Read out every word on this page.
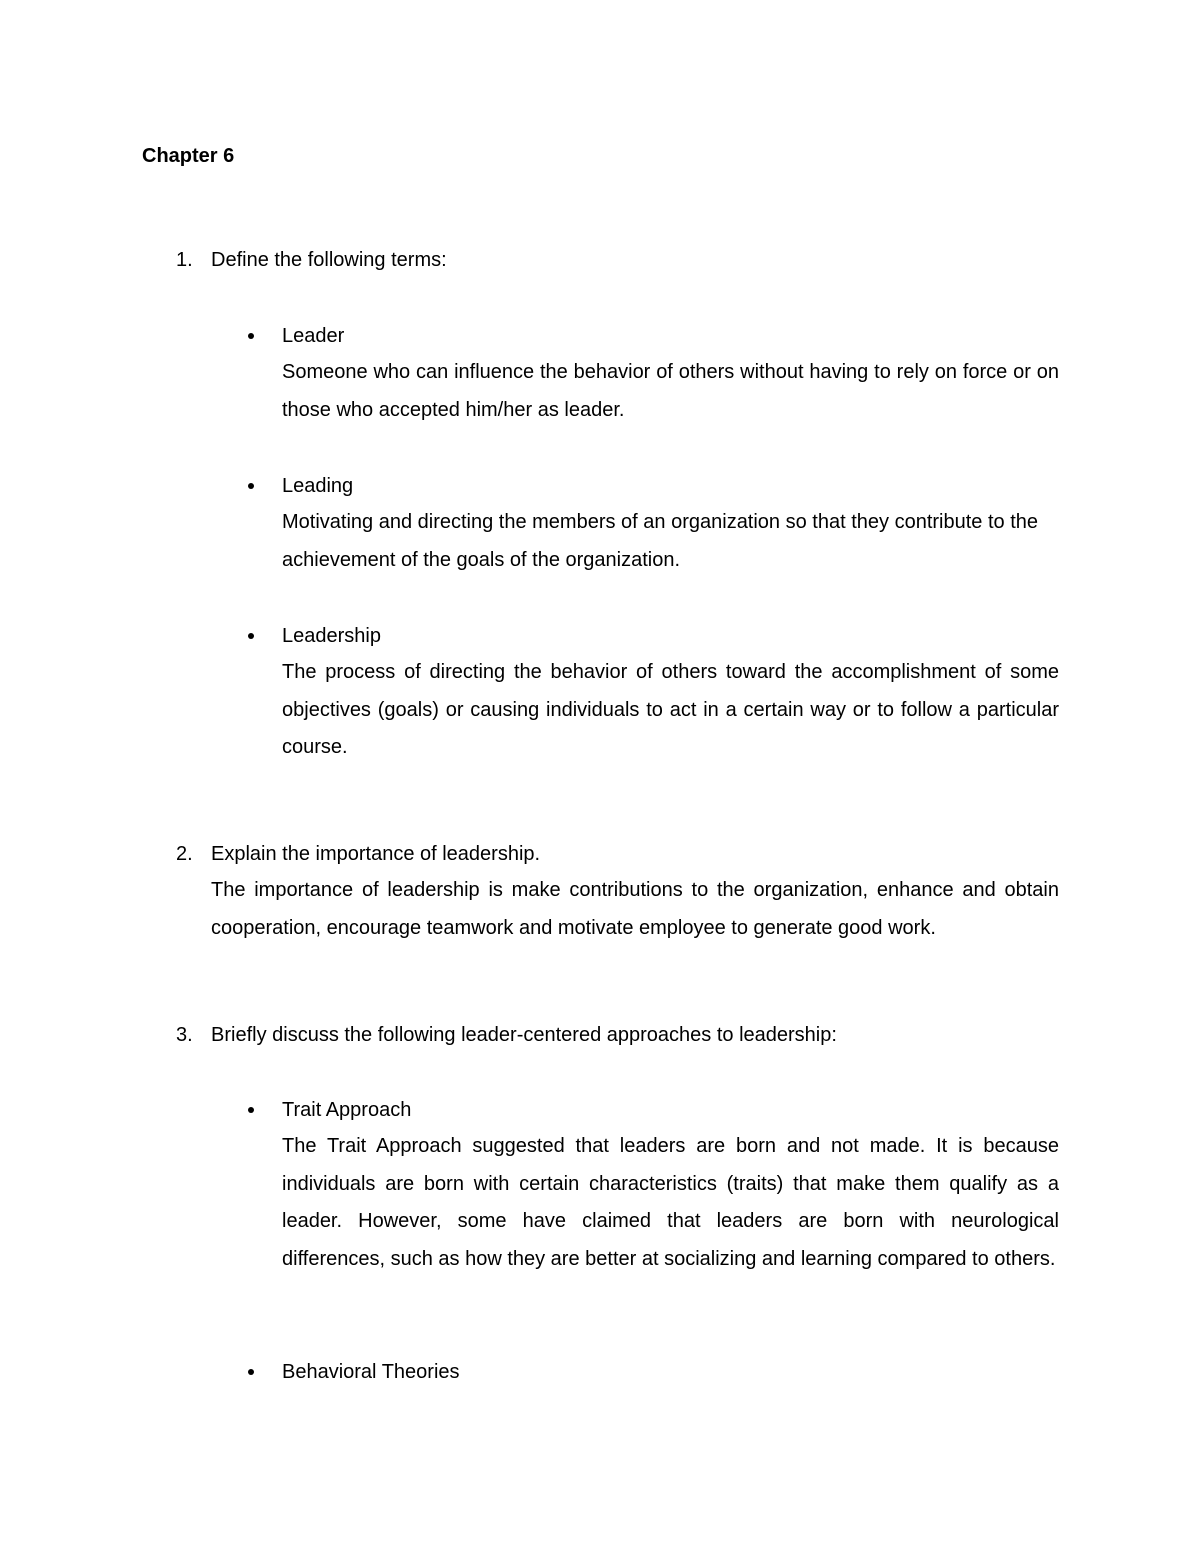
Chapter 6
1. Define the following terms:
Leader
Someone who can influence the behavior of others without having to rely on force or on those who accepted him/her as leader.
Leading
Motivating and directing the members of an organization so that they contribute to the achievement of the goals of the organization.
Leadership
The process of directing the behavior of others toward the accomplishment of some objectives (goals) or causing individuals to act in a certain way or to follow a particular course.
2. Explain the importance of leadership.
The importance of leadership is make contributions to the organization, enhance and obtain cooperation, encourage teamwork and motivate employee to generate good work.
3. Briefly discuss the following leader-centered approaches to leadership:
Trait Approach
The Trait Approach suggested that leaders are born and not made. It is because individuals are born with certain characteristics (traits) that make them qualify as a leader. However, some have claimed that leaders are born with neurological differences, such as how they are better at socializing and learning compared to others.
Behavioral Theories
